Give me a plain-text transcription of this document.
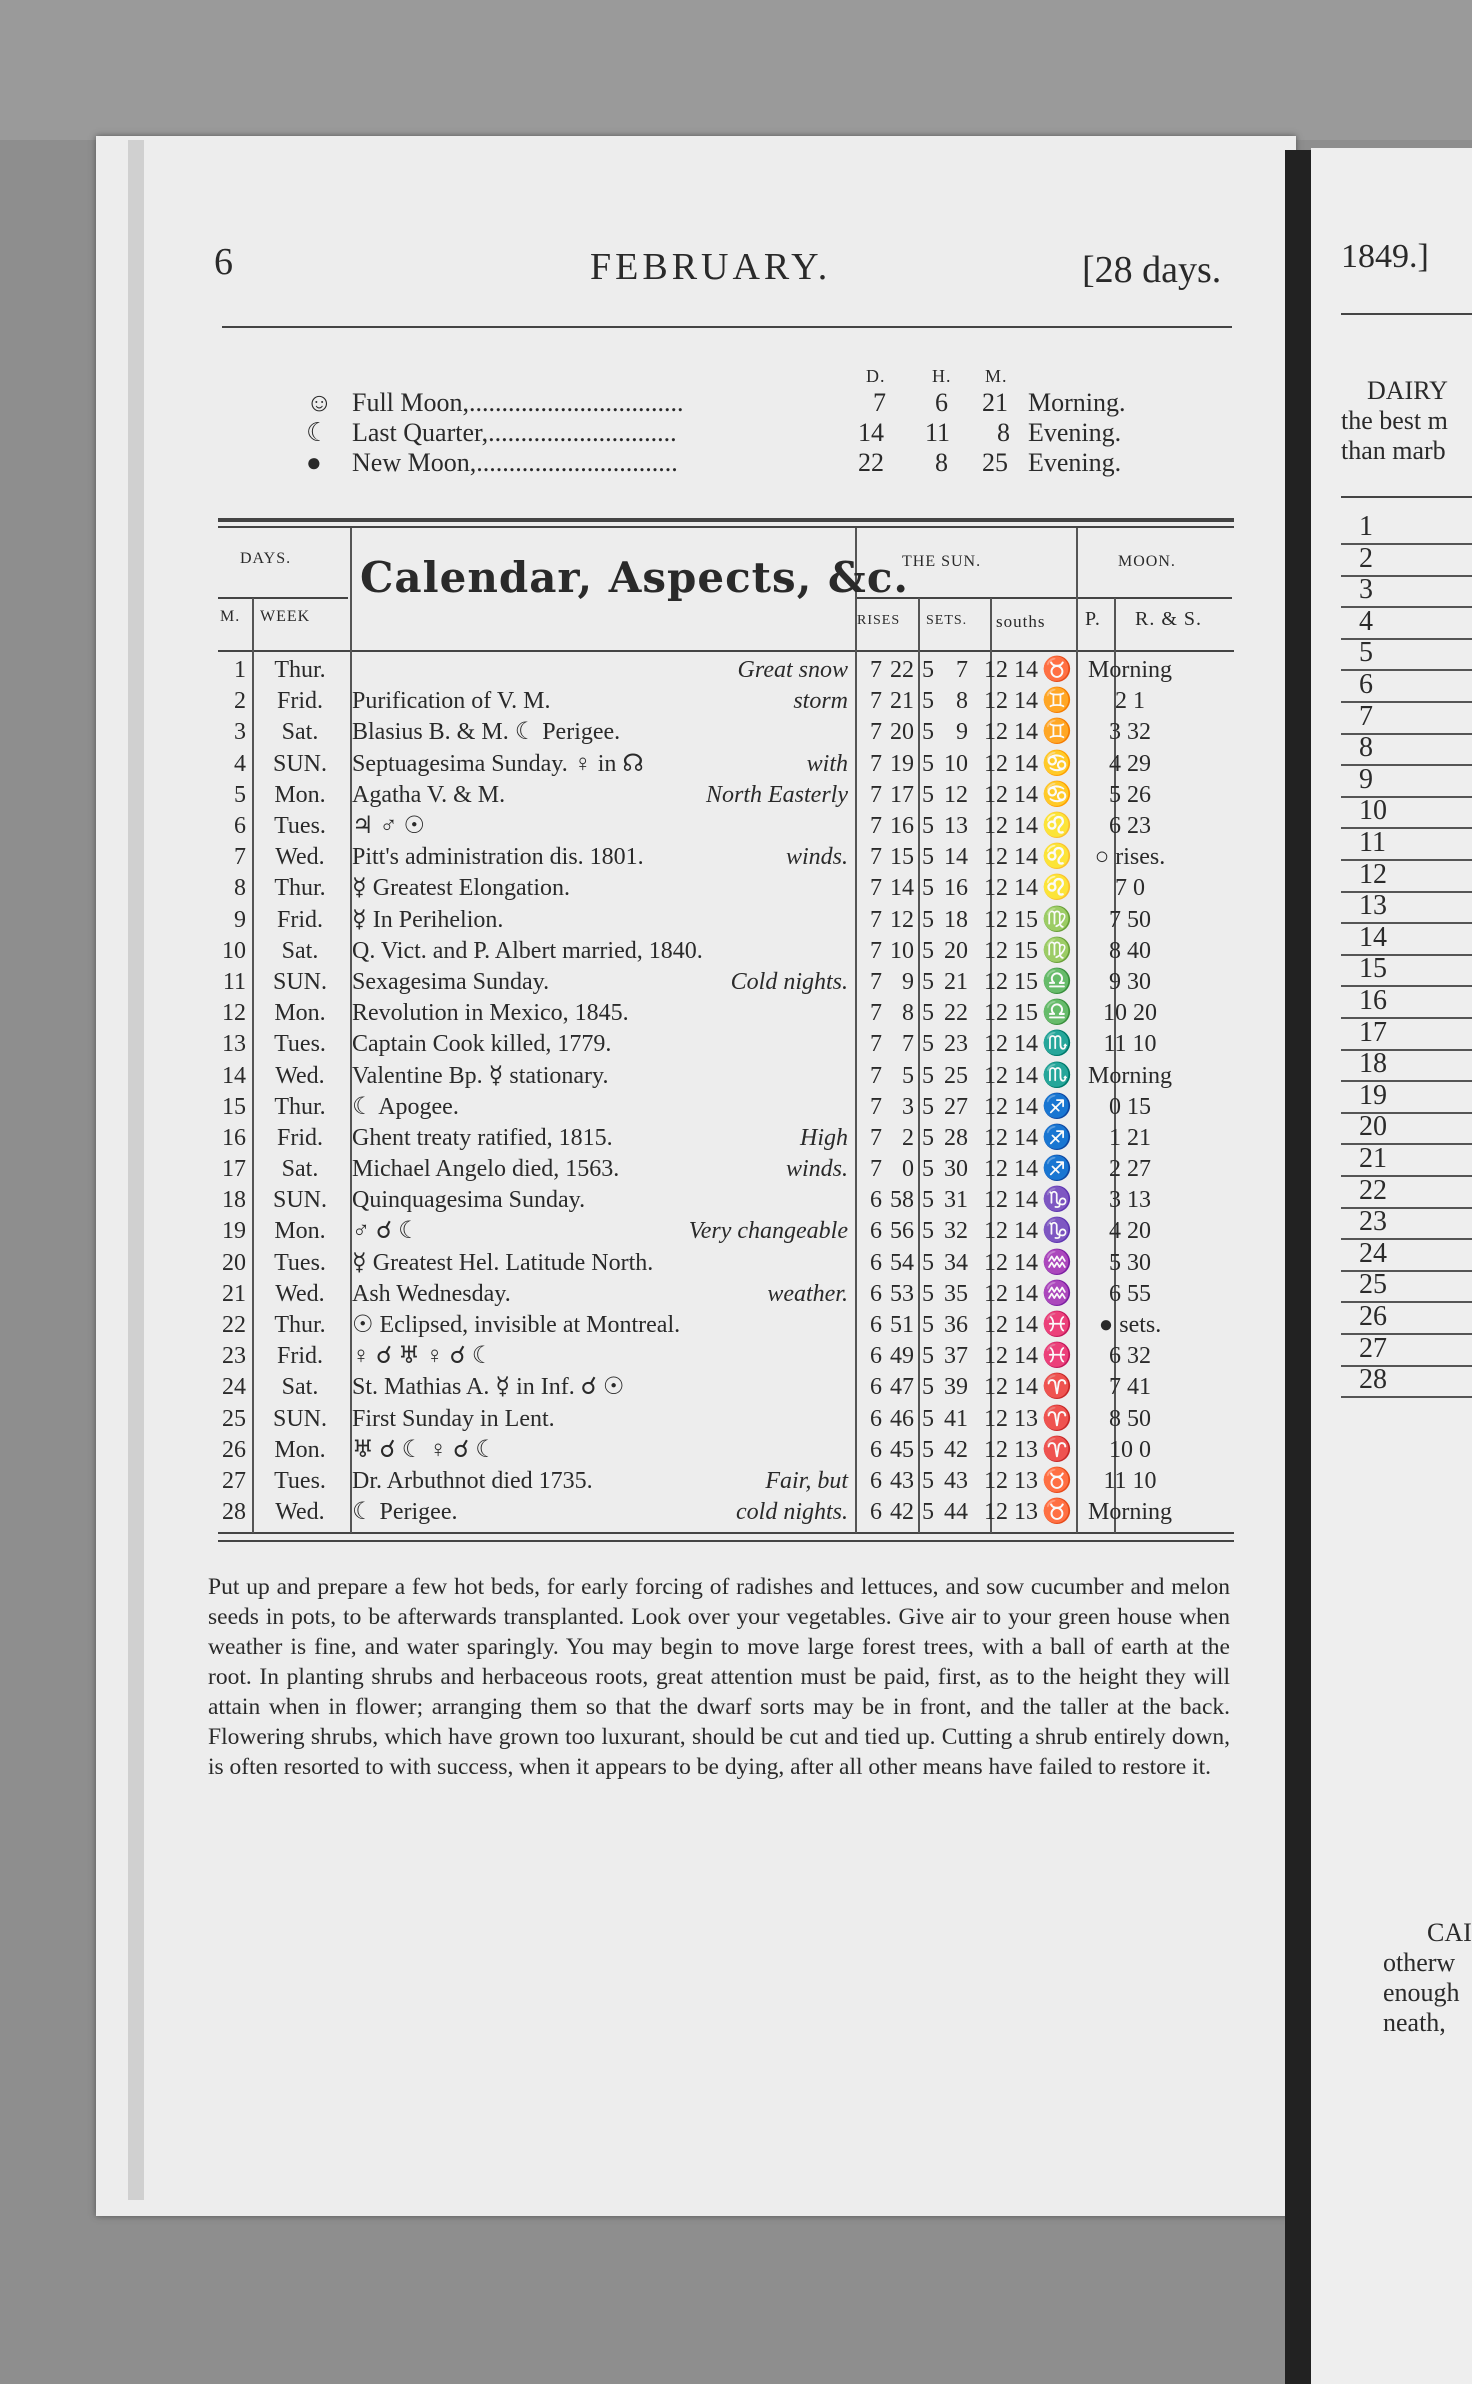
6	FEBRUARY.	[28 days.
D.	H. M.
☺ Full Moon,.................................	7 6 21 Morning.
☾ Last Quarter,.............................	14 11 8 Evening.
● New Moon,...............................	22 8 25 Evening.
DAYS.
M. WEEK
Calendar, Aspects, &c.
THE SUN.
RISES SETS. souths
MOON.
P. R. & S.
1	Thur.	Great snow	7	22	5	7	12	14	♉	Morning
2	Frid.	Purification of V. M. storm	7	21	5	8	12	14	♊	2 1
3	Sat.	Blasius B. & M. ☾ Perigee.	7	20	5	9	12	14	♊	3 32
4	SUN.	Septuagesima Sunday. ♀ in ☊ with	7	19	5	10	12	14	♋	4 29
5	Mon.	Agatha V. & M. North Easterly	7	17	5	12	12	14	♋	5 26
6	Tues.	♃ ♂ ☉	7	16	5	13	12	14	♌	6 23
7	Wed.	Pitt's administration dis. 1801. winds.	7	15	5	14	12	14	♌	○ rises.
8	Thur.	☿ Greatest Elongation.	7	14	5	16	12	14	♌	7 0
9	Frid.	☿ In Perihelion.	7	12	5	18	12	15	♍	7 50
10	Sat.	Q. Vict. and P. Albert married, 1840.	7	10	5	20	12	15	♍	8 40
11	SUN.	Sexagesima Sunday. Cold nights.	7	9	5	21	12	15	♎	9 30
12	Mon.	Revolution in Mexico, 1845.	7	8	5	22	12	15	♎	10 20
13	Tues.	Captain Cook killed, 1779.	7	7	5	23	12	14	♏	11 10
14	Wed.	Valentine Bp. ☿ stationary.	7	5	5	25	12	14	♏	Morning
15	Thur.	☾ Apogee.	7	3	5	27	12	14	♐	0 15
16	Frid.	Ghent treaty ratified, 1815. High	7	2	5	28	12	14	♐	1 21
17	Sat.	Michael Angelo died, 1563. winds.	7	0	5	30	12	14	♐	2 27
18	SUN.	Quinquagesima Sunday.	6	58	5	31	12	14	♑	3 13
19	Mon.	♂ ☌ ☾ Very changeable	6	56	5	32	12	14	♑	4 20
20	Tues.	☿ Greatest Hel. Latitude North.	6	54	5	34	12	14	♒	5 30
21	Wed.	Ash Wednesday. weather.	6	53	5	35	12	14	♒	6 55
22	Thur.	☉ Eclipsed, invisible at Montreal.	6	51	5	36	12	14	♓	● sets.
23	Frid.	♀ ☌ ♅ ♀ ☌ ☾	6	49	5	37	12	14	♓	6 32
24	Sat.	St. Mathias A. ☿ in Inf. ☌ ☉	6	47	5	39	12	14	♈	7 41
25	SUN.	First Sunday in Lent.	6	46	5	41	12	13	♈	8 50
26	Mon.	♅ ☌ ☾ ♀ ☌ ☾	6	45	5	42	12	13	♈	10 0
27	Tues.	Dr. Arbuthnot died 1735. Fair, but	6	43	5	43	12	13	♉	11 10
28	Wed.	☾ Perigee. cold nights.	6	42	5	44	12	13	♉	Morning
Put up and prepare a few hot beds, for early forcing of radishes and lettuces, and sow cucumber and melon seeds in pots, to be afterwards transplanted. Look over your vegetables. Give air to your green house when weather is fine, and water sparingly. You may begin to move large forest trees, with a ball of earth at the root. In planting shrubs and herbaceous roots, great attention must be paid, first, as to the height they will attain when in flower; arranging them so that the dwarf sorts may be in front, and the taller at the back. Flowering shrubs, which have grown too luxurant, should be cut and tied up. Cutting a shrub entirely down, is often resorted to with success, when it appears to be dying, after all other means have failed to restore it.
1849.]
DAIRY
the best m
than marb
1
2
3
4
5
6
7
8
9
10
11
12
13
14
15
16
17
18
19
20
21
22
23
24
25
26
27
28
CAI
otherw
enough
neath,
